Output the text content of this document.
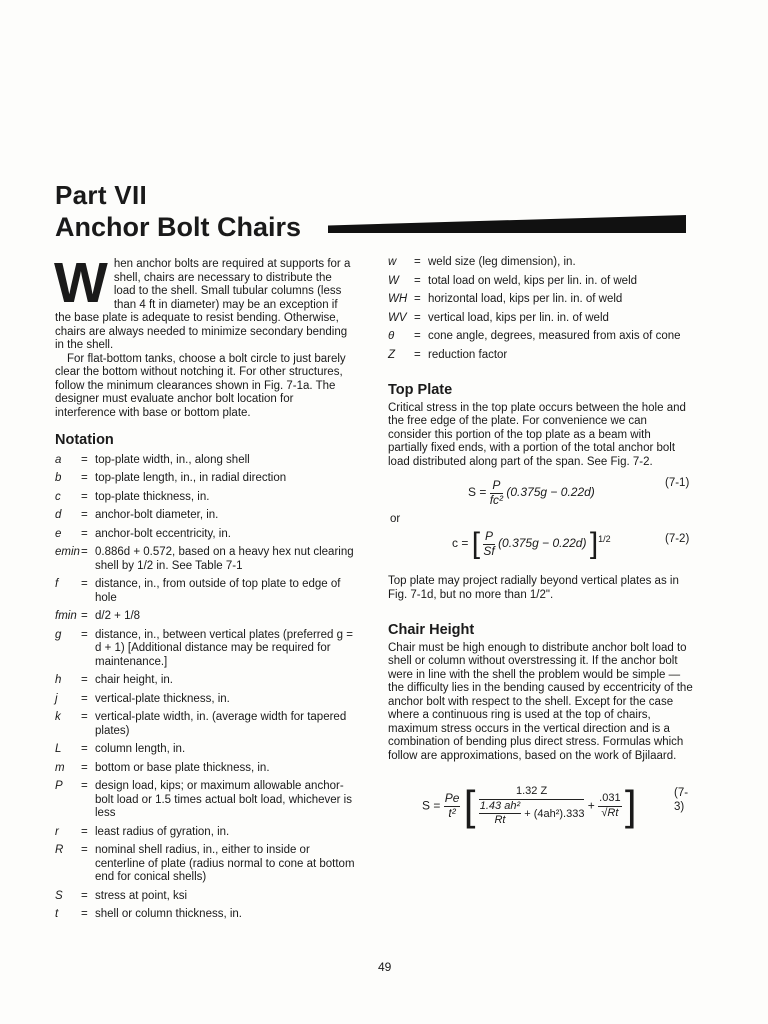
Part VII
Anchor Bolt Chairs

W hen anchor bolts are required at supports for a shell, chairs are necessary to distribute the load to the shell. Small tubular columns (less than 4 ft in diameter) may be an exception if the base plate is adequate to resist bending. Otherwise, chairs are always needed to minimize secondary bending in the shell.

For flat-bottom tanks, choose a bolt circle to just barely clear the bottom without notching it. For other structures, follow the minimum clearances shown in Fig. 7-1a. The designer must evaluate anchor bolt location for interference with base or bottom plate.

Notation
a	= top-plate width, in., along shell
b	= top-plate length, in., in radial direction
c	= top-plate thickness, in.
d	= anchor-bolt diameter, in.
e	= anchor-bolt eccentricity, in.
emin = 0.886d + 0.572, based on a heavy hex nut clearing shell by 1/2 in. See Table 7-1
f	= distance, in., from outside of top plate to edge of hole
fmin = d/2 + 1/8
g	= distance, in., between vertical plates (preferred g = d + 1) [Additional distance may be required for maintenance.]
h	= chair height, in.
j	= vertical-plate thickness, in.
k	= vertical-plate width, in. (average width for tapered plates)
L	= column length, in.
m	= bottom or base plate thickness, in.
P	= design load, kips; or maximum allowable anchor-bolt load or 1.5 times actual bolt load, whichever is less
r	= least radius of gyration, in.
R	= nominal shell radius, in., either to inside or centerline of plate (radius normal to cone at bottom end for conical shells)
S	= stress at point, ksi
t	= shell or column thickness, in.
w	= weld size (leg dimension), in.
W	= total load on weld, kips per lin. in. of weld
WH = horizontal load, kips per lin. in. of weld
WV = vertical load, kips per lin. in. of weld
θ	= cone angle, degrees, measured from axis of cone
Z	= reduction factor
Top Plate

Critical stress in the top plate occurs between the hole and the free edge of the plate. For convenience we can consider this portion of the top plate as a beam with partially fixed ends, with a portion of the total anchor bolt load distributed along part of the span. See Fig. 7-2.

$S = \frac{P}{\text{fc²}} (0.375g - 0.22d)$
(7-1)
or
c = [ $\frac{P}{Sf} (0.375g - 0.22d)$ ]$^{1/2}$	(7-2)

Top plate may project radially beyond vertical plates as in Fig. 7-1d, but no more than 1/2".

Chair Height

Chair must be high enough to distribute anchor bolt load to shell or column without overstressing it. If the anchor bolt were in line with the shell the problem would be simple — the difficulty lies in the bending caused by eccentricity of the anchor bolt with respect to the shell. Except for the case where a continuous ring is used at the top of chairs, maximum stress occurs in the vertical direction and is a combination of bending plus direct stress. Formulas which follow are approximations, based on the work of Bjilaard.

$S = \frac{Pe}{\text{t²}}$ [ $\frac{1.32 Z}{\frac{\text{1.43 ah²}}{Rt} + (4ah^2).333} + \frac{.031}{√Rt}$ ]	(7-3)
49
